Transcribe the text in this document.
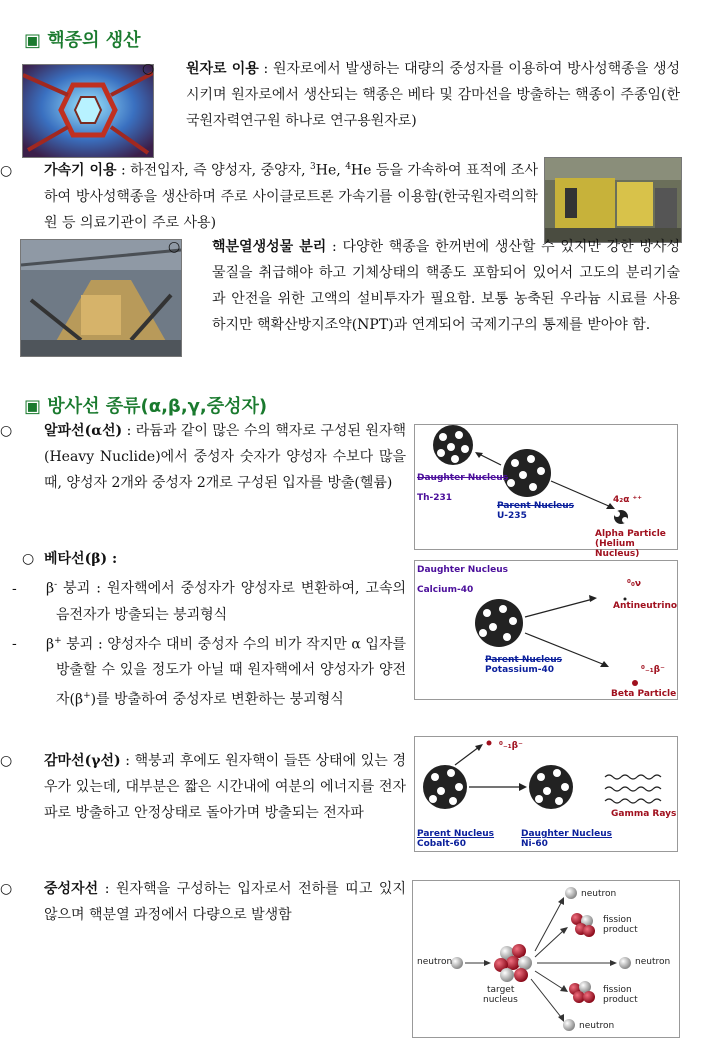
▣ 핵종의 생산

○ 원자로 이용 : 원자로에서 발생하는 대량의 중성자를 이용하여 방사성핵종을 생성시키며 원자로에서 생산되는 핵종은 베타 및 감마선을 방출하는 핵종이 주종임(한국원자력연구원 하나로 연구용원자로)

○ 가속기 이용 : 하전입자, 즉 양성자, 중양자, $^3$He, $^4$He 등을 가속하여 표적에 조사하여 방사성핵종을 생산하며 주로 사이클로트론 가속기를 이용함(한국원자력의학원 등 의료기관이 주로 사용)

○ 핵분열생성물 분리 : 다양한 핵종을 한꺼번에 생산할 수 있지만 강한 방사성물질을 취급해야 하고 기체상태의 핵종도 포함되어 있어서 고도의 분리기술과 안전을 위한 고액의 설비투자가 필요함. 보통 농축된 우라늄 시료를 사용하지만 핵확산방지조약(NPT)과 연계되어 국제기구의 통제를 받아야 함.

▣ 방사선 종류(α,β,γ,중성자)

○ 알파선(α선) : 라듐과 같이 많은 수의 핵자로 구성된 원자핵(Heavy Nuclide)에서 중성자 숫자가 양성자 수보다 많을 때, 양성자 2개와 중성자 2개로 구성된 입자를 방출(헬륨)

○ 베타선(β) :

- β- 붕괴 : 원자핵에서 중성자가 양성자로 변환하여, 고속의 음전자가 방출되는 붕괴형식

- β+ 붕괴 : 양성자수 대비 중성자 수의 비가 작지만 α 입자를 방출할 수 있을 정도가 아닐 때 원자핵에서 양성자가 양전자(β+)를 방출하여 중성자로 변환하는 붕괴형식

○ 감마선(γ선) : 핵붕괴 후에도 원자핵이 들뜬 상태에 있는 경우가 있는데, 대부분은 짧은 시간내에 여분의 에너지를 전자파로 방출하고 안정상태로 돌아가며 방출되는 전자파

○ 중성자선 : 원자핵을 구성하는 입자로서 전하를 띠고 있지 않으며 핵분열 과정에서 다량으로 발생함

Daughter Nucleus
Th-231
Parent Nucleus
U-235
4₂α ⁺⁺
Alpha Particle
(Helium Nucleus)
Daughter Nucleus
Calcium-40
Parent Nucleus
Potassium-40
⁰₀ν
Antineutrino
⁰₋₁β⁻
Beta Particle
⁰₋₁β⁻
Gamma Rays
Parent Nucleus
Cobalt-60
Daughter Nucleus
Ni-60
neutron
target
nucleus
neutron
fission
product
neutron
fission
product
neutron
